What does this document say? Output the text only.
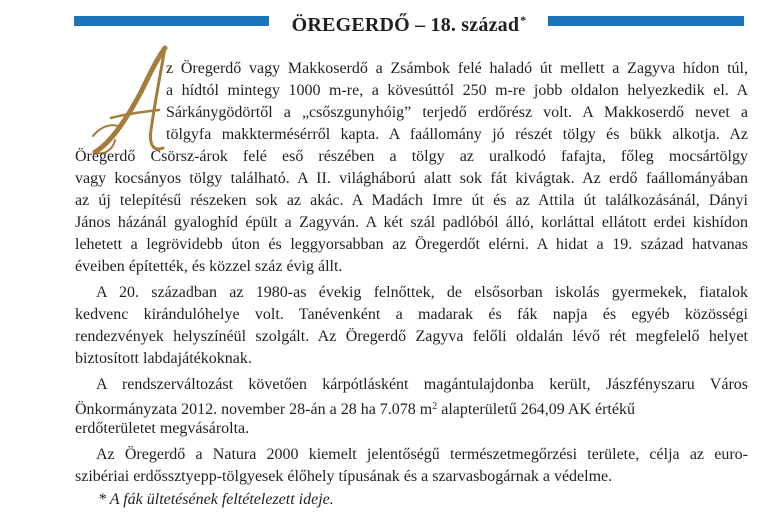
ÖREGERDŐ – 18. század*
z Öregerdő vagy Makkoserdő a Zsámbok felé haladó út mellett a Zagyva hídon túl,
a hídtól mintegy 1000 m-re, a kövesúttól 250 m-re jobb oldalon helyezkedik el. A
Sárkánygödörtől a „csőszgunyhóig” terjedő erdőrész volt. A Makkoserdő nevet a
tölgyfa makktermésérről kapta. A faállomány jó részét tölgy és bükk alkotja. Az
Öregerdő Csörsz-árok felé eső részében a tölgy az uralkodó fafajta, főleg mocsártölgy
vagy kocsányos tölgy található. A II. világháború alatt sok fát kivágtak. Az erdő faállományában
az új telepítésű részeken sok az akác. A Madách Imre út és az Attila út találkozásánál, Dányi
János házánál gyaloghíd épült a Zagyván. A két szál padlóból álló, korláttal ellátott erdei kishídon
lehetett a legrövidebb úton és leggyorsabban az Öregerdőt elérni. A hidat a 19. század hatvanas
éveiben építették, és közzel száz évig állt.
A 20. században az 1980-as évekig felnőttek, de elsősorban iskolás gyermekek, fiatalok
kedvenc kirándulóhelye volt. Tanévenként a madarak és fák napja és egyéb közösségi
rendezvények helyszínéül szolgált. Az Öregerdő Zagyva felőli oldalán lévő rét megfelelő helyet
biztosított labdajátékoknak.
A rendszerváltozást követően kárpótlásként magántulajdonba került, Jászfényszaru Város
Önkormányzata 2012. november 28-án a 28 ha 7.078 $m^2$ alapterületű 264,09 AK értékű
erdőterületet megvásárolta.
Az Öregerdő a Natura 2000 kiemelt jelentőségű természetmegőrzési területe, célja az euro-
szibériai erdőssztyepp-tölgyesek élőhely típusának és a szarvasbogárnak a védelme.
* A fák ültetésének feltételezett ideje.
